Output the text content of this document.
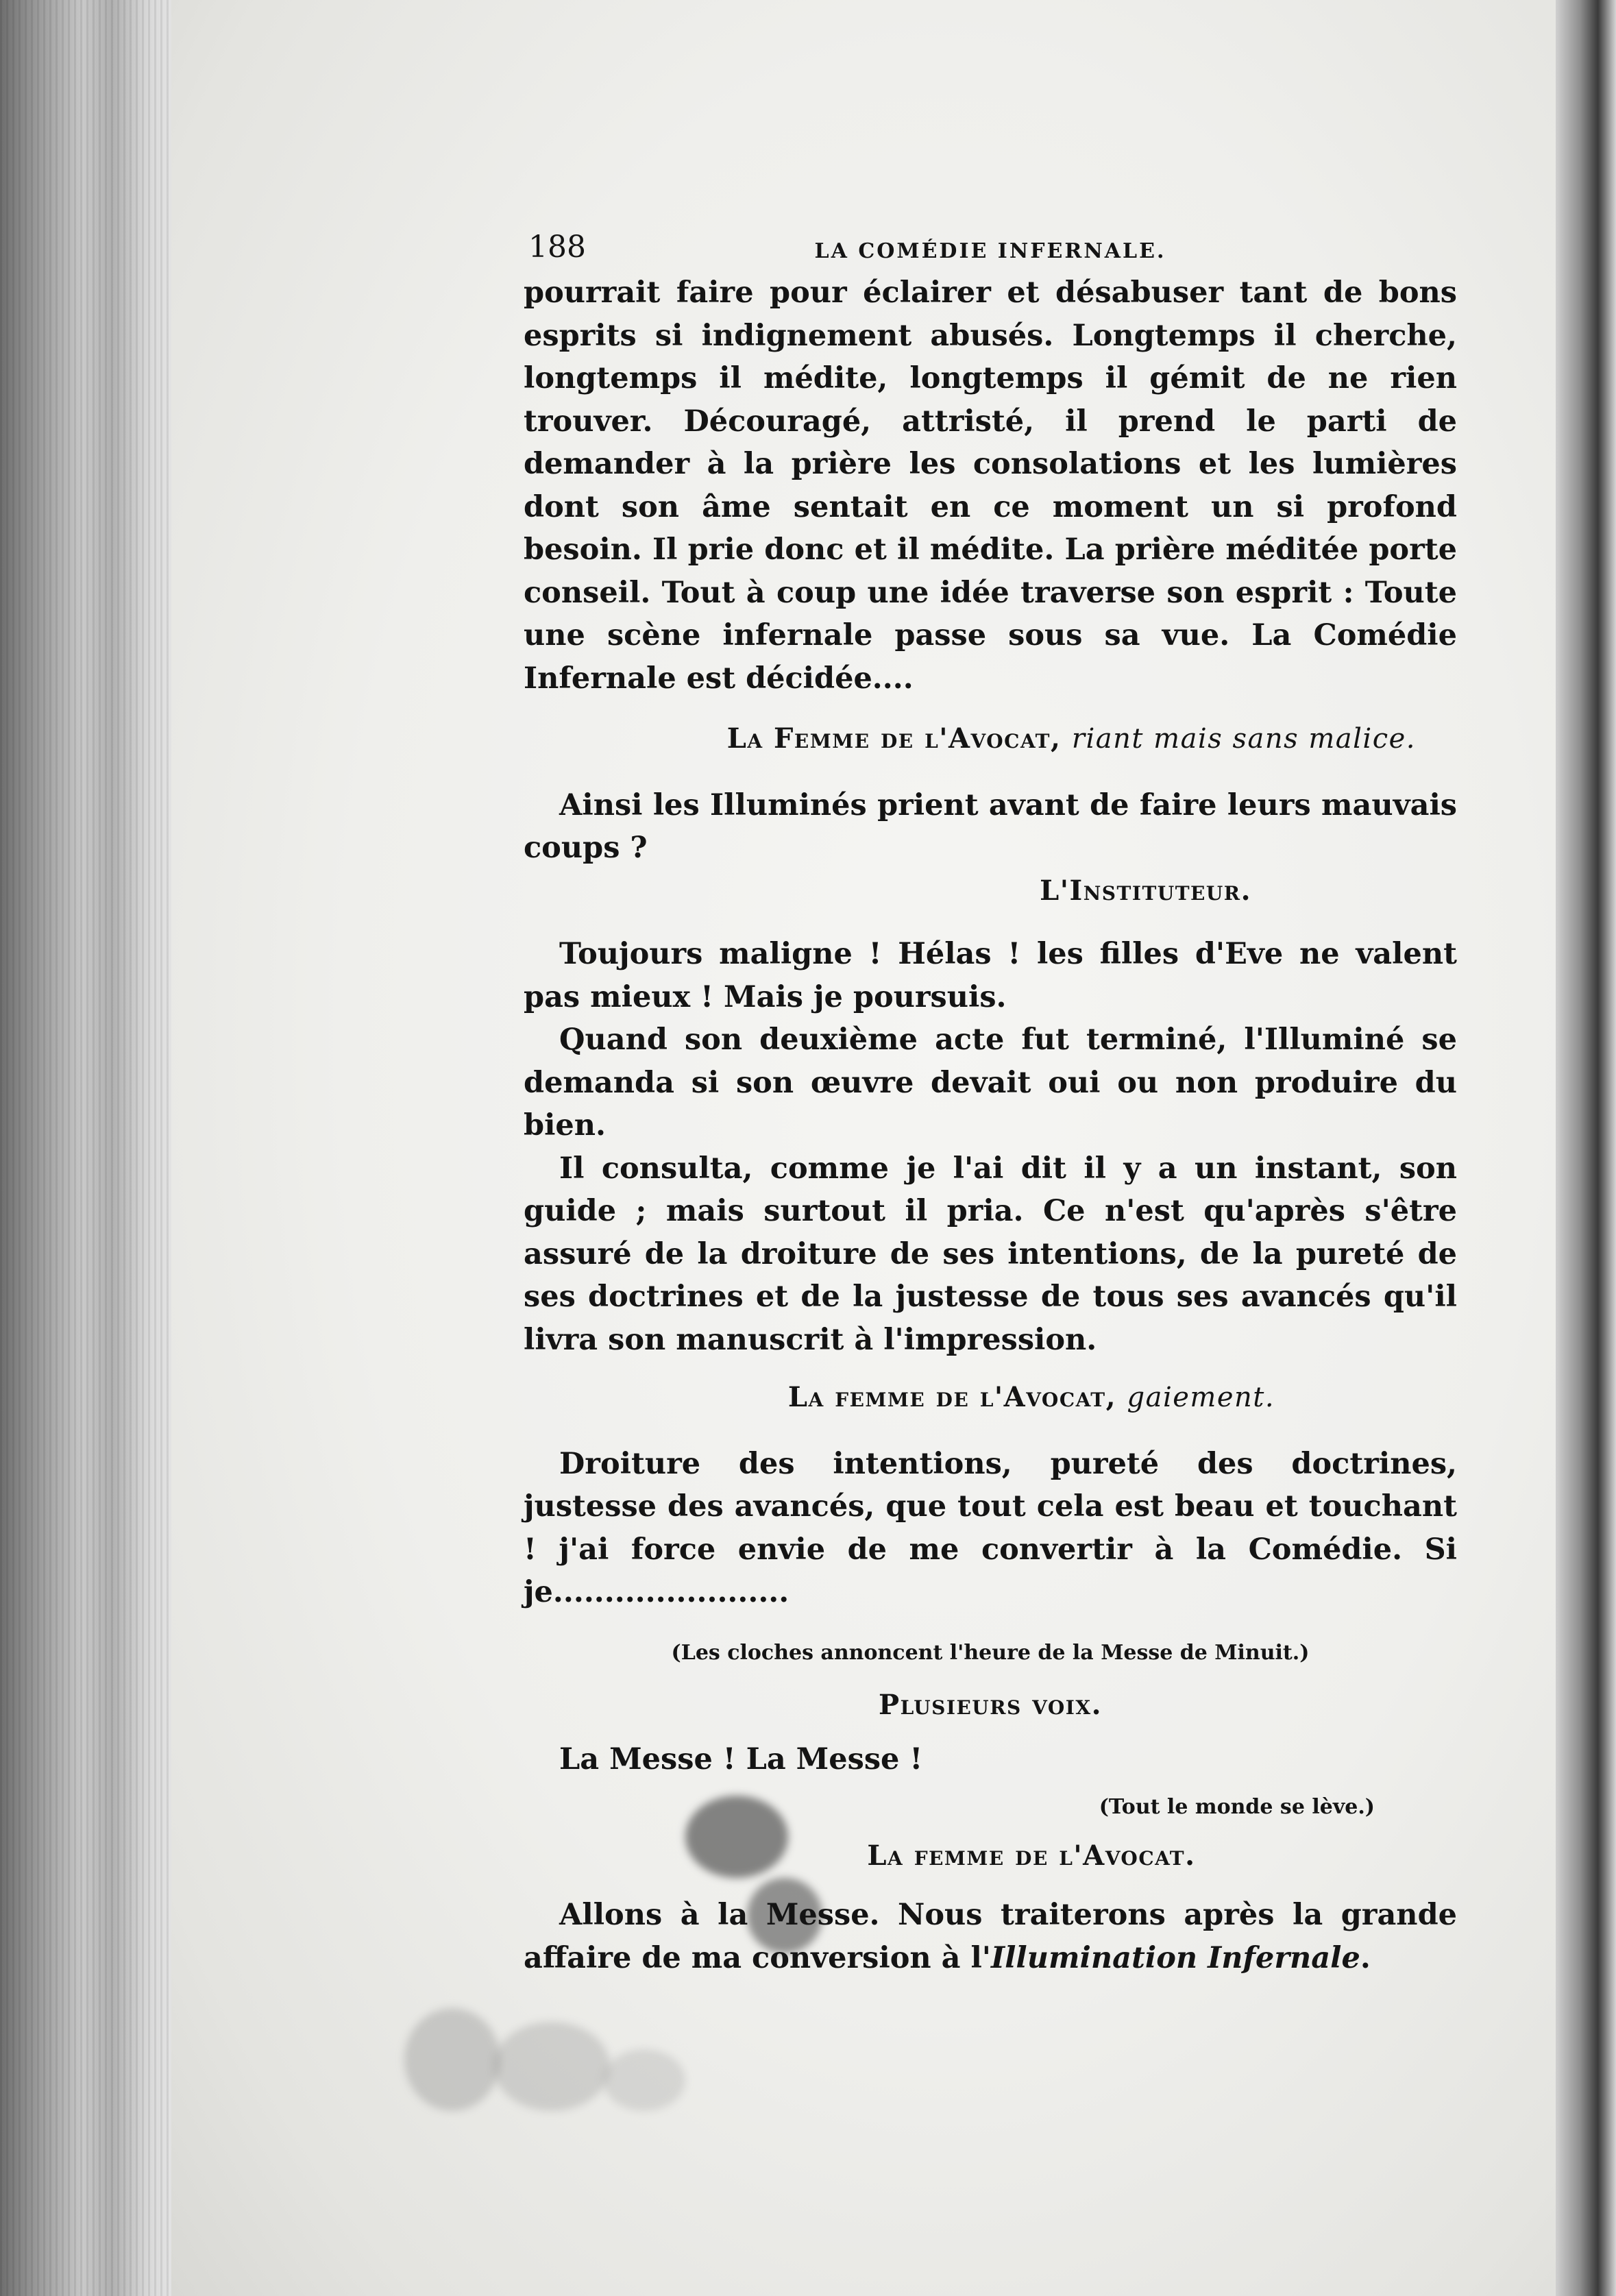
188	LA COMÉDIE INFERNALE.

pourrait faire pour éclairer et désabuser tant de bons esprits si indignement abusés. Longtemps il cherche, longtemps il médite, longtemps il gémit de ne rien trouver. Découragé, attristé, il prend le parti de demander à la prière les consolations et les lumières dont son âme sentait en ce moment un si profond besoin. Il prie donc et il médite. La prière méditée porte conseil. Tout à coup une idée traverse son esprit : Toute une scène infernale passe sous sa vue. La Comédie Infernale est décidée....

La Femme de l'Avocat, riant mais sans malice.

Ainsi les Illuminés prient avant de faire leurs mauvais coups ?

L'Instituteur.

Toujours maligne ! Hélas ! les filles d'Eve ne valent pas mieux ! Mais je poursuis.

Quand son deuxième acte fut terminé, l'Illuminé se demanda si son œuvre devait oui ou non produire du bien.

Il consulta, comme je l'ai dit il y a un instant, son guide ; mais surtout il pria. Ce n'est qu'après s'être assuré de la droiture de ses intentions, de la pureté de ses doctrines et de la justesse de tous ses avancés qu'il livra son manuscrit à l'impression.

La femme de l'Avocat, gaiement.

Droiture des intentions, pureté des doctrines, justesse des avancés, que tout cela est beau et touchant ! j'ai force envie de me convertir à la Comédie. Si je.......................

(Les cloches annoncent l'heure de la Messe de Minuit.)
Plusieurs voix.

La Messe ! La Messe !

(Tout le monde se lève.)
La femme de l'Avocat.

Allons à la Messe. Nous traiterons après la grande affaire de ma conversion à l'Illumination Infernale.
